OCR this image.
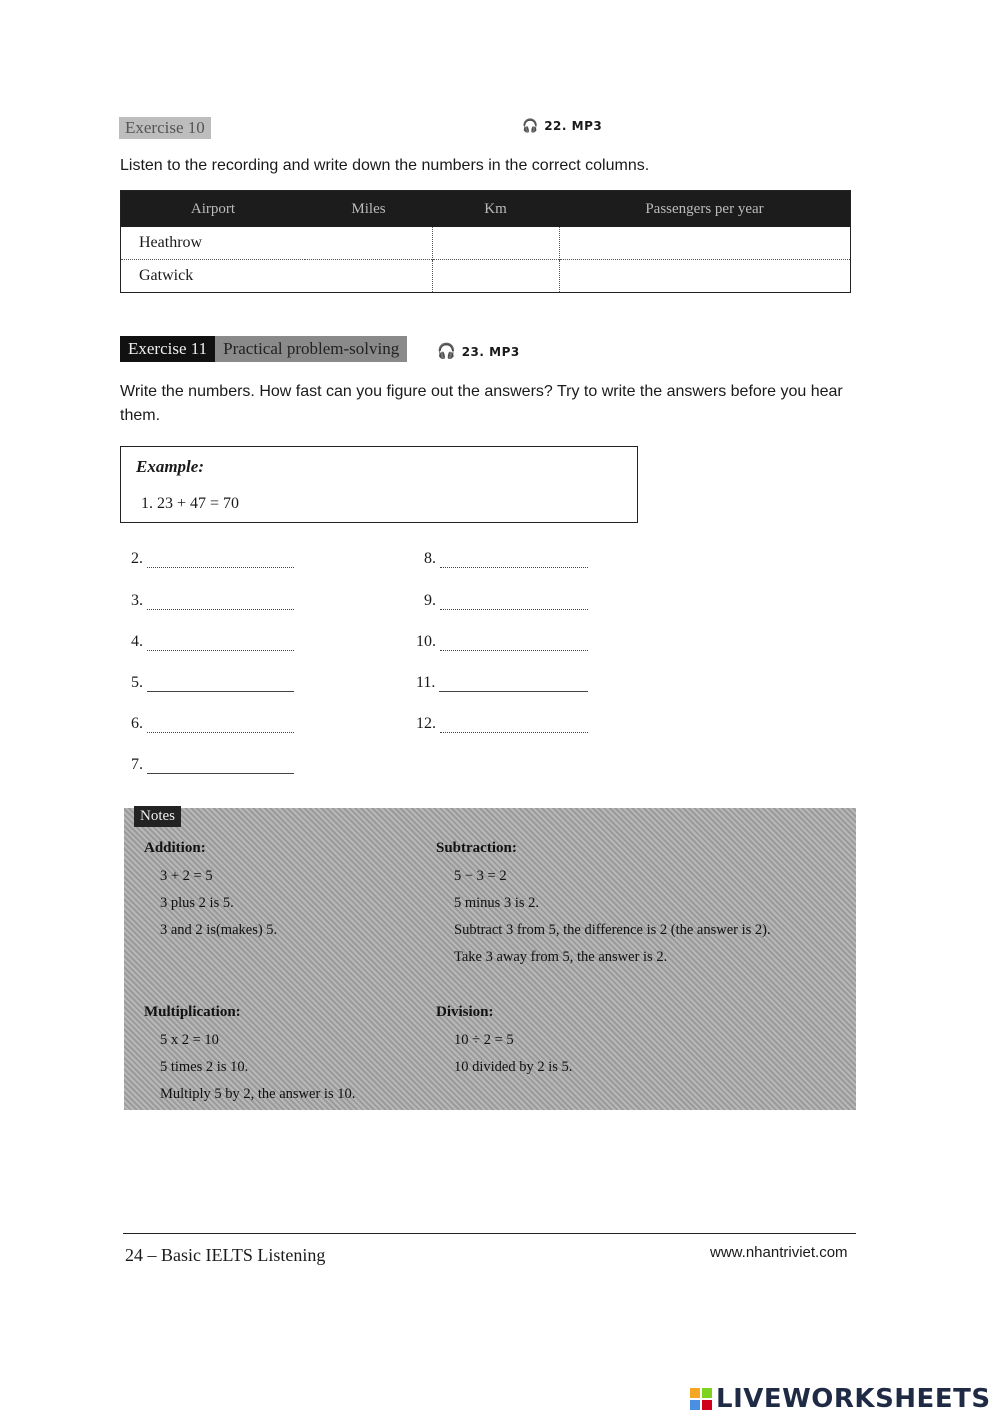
Exercise 10	🎧 22. MP3
Listen to the recording and write down the numbers in the correct columns.
Airport	Miles	Km	Passengers per year
Heathrow			
Gatwick			
Exercise 11 Practical problem-solving	🎧 23. MP3
Write the numbers. How fast can you figure out the answers? Try to write the answers before you hear them.
Example:
1. 23 + 47 = 70
2.
3.
4.
5.
6.
7.
8.
9.
10.
11.
12.
Notes
Addition:
3 + 2 = 5
3 plus 2 is 5.
3 and 2 is(makes) 5.
Subtraction:
5 − 3 = 2
5 minus 3 is 2.
Subtract 3 from 5, the difference is 2 (the answer is 2).
Take 3 away from 5, the answer is 2.
Multiplication:
5 x 2 = 10
5 times 2 is 10.
Multiply 5 by 2, the answer is 10.
Division:
10 ÷ 2 = 5
10 divided by 2 is 5.
24 – Basic IELTS Listening	www.nhantriviet.com
LIVEWORKSHEETS
